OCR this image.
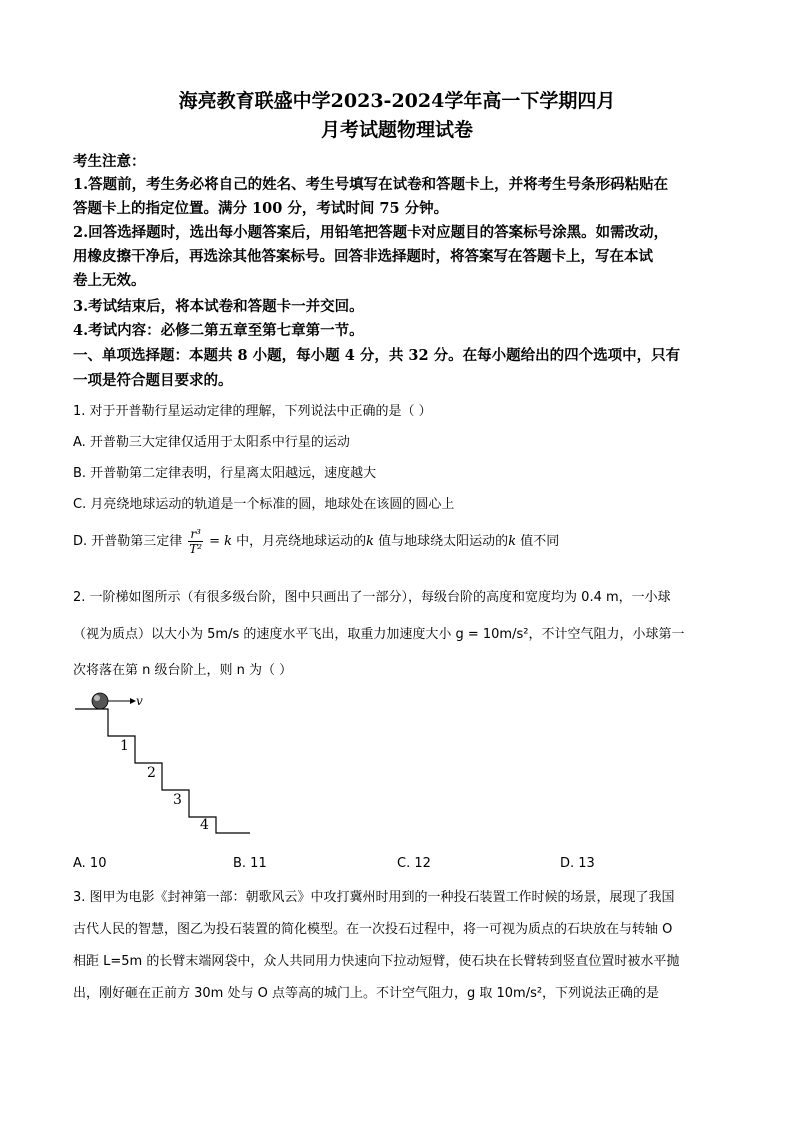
海亮教育联盛中学2023-2024学年高一下学期四月
月考试题物理试卷
考生注意：
1.答题前，考生务必将自己的姓名、考生号填写在试卷和答题卡上，并将考生号条形码粘贴在
答题卡上的指定位置。满分 100 分，考试时间 75 分钟。
2.回答选择题时，选出每小题答案后，用铅笔把答题卡对应题目的答案标号涂黑。如需改动，
用橡皮擦干净后，再选涂其他答案标号。回答非选择题时，将答案写在答题卡上，写在本试
卷上无效。
3.考试结束后，将本试卷和答题卡一并交回。
4.考试内容：必修二第五章至第七章第一节。
一、单项选择题：本题共 8 小题，每小题 4 分，共 32 分。在每小题给出的四个选项中，只有
一项是符合题目要求的。
1. 对于开普勒行星运动定律的理解，下列说法中正确的是（ ）
A. 开普勒三大定律仅适用于太阳系中行星的运动
B. 开普勒第二定律表明，行星离太阳越远，速度越大
C. 月亮绕地球运动的轨道是一个标准的圆，地球处在该圆的圆心上
D. 开普勒第三定律 $\frac{\text{r³}}{\text{T²}} = k$ 中，月亮绕地球运动的k 值与地球绕太阳运动的k 值不同
2. 一阶梯如图所示（有很多级台阶，图中只画出了一部分），每级台阶的高度和宽度均为 0.4 m，一小球
（视为质点）以大小为 5m/s 的速度水平飞出，取重力加速度大小 g = 10m/s²，不计空气阻力，小球第一
次将落在第 n 级台阶上，则 n 为（ ）
v
1
2
3
4
A. 10	B. 11	C. 12	D. 13
3. 图甲为电影《封神第一部：朝歌风云》中攻打冀州时用到的一种投石装置工作时候的场景，展现了我国
古代人民的智慧，图乙为投石装置的简化模型。在一次投石过程中，将一可视为质点的石块放在与转轴 O
相距 L=5m 的长臂末端网袋中，众人共同用力快速向下拉动短臂，使石块在长臂转到竖直位置时被水平抛
出，刚好砸在正前方 30m 处与 O 点等高的城门上。不计空气阻力，g 取 10m/s²，下列说法正确的是
